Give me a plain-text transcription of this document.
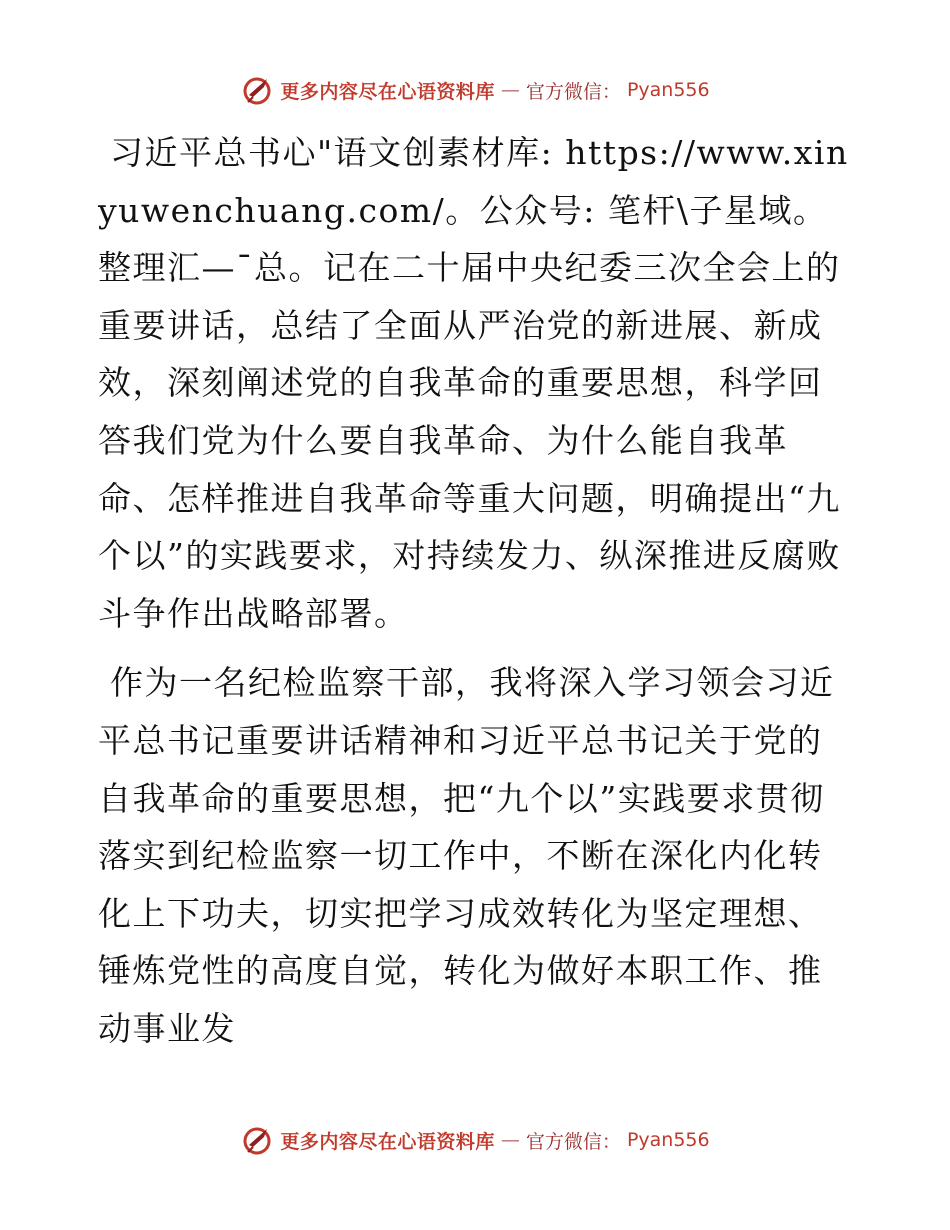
更多内容尽在心语资料库 — 官方微信： Pyan556

习近平总书心"语文创素材库: https://www.xinyuwenchuang.com/。公众号: 笔杆\子星域。整理汇—¯总。记在二十届中央纪委三次全会上的重要讲话，总结了全面从严治党的新进展、新成效，深刻阐述党的自我革命的重要思想，科学回答我们党为什么要自我革命、为什么能自我革命、怎样推进自我革命等重大问题，明确提出“九个以”的实践要求，对持续发力、纵深推进反腐败斗争作出战略部署。

作为一名纪检监察干部，我将深入学习领会习近平总书记重要讲话精神和习近平总书记关于党的自我革命的重要思想，把“九个以”实践要求贯彻落实到纪检监察一切工作中，不断在深化内化转化上下功夫，切实把学习成效转化为坚定理想、锤炼党性的高度自觉，转化为做好本职工作、推动事业发

更多内容尽在心语资料库 — 官方微信： Pyan556
